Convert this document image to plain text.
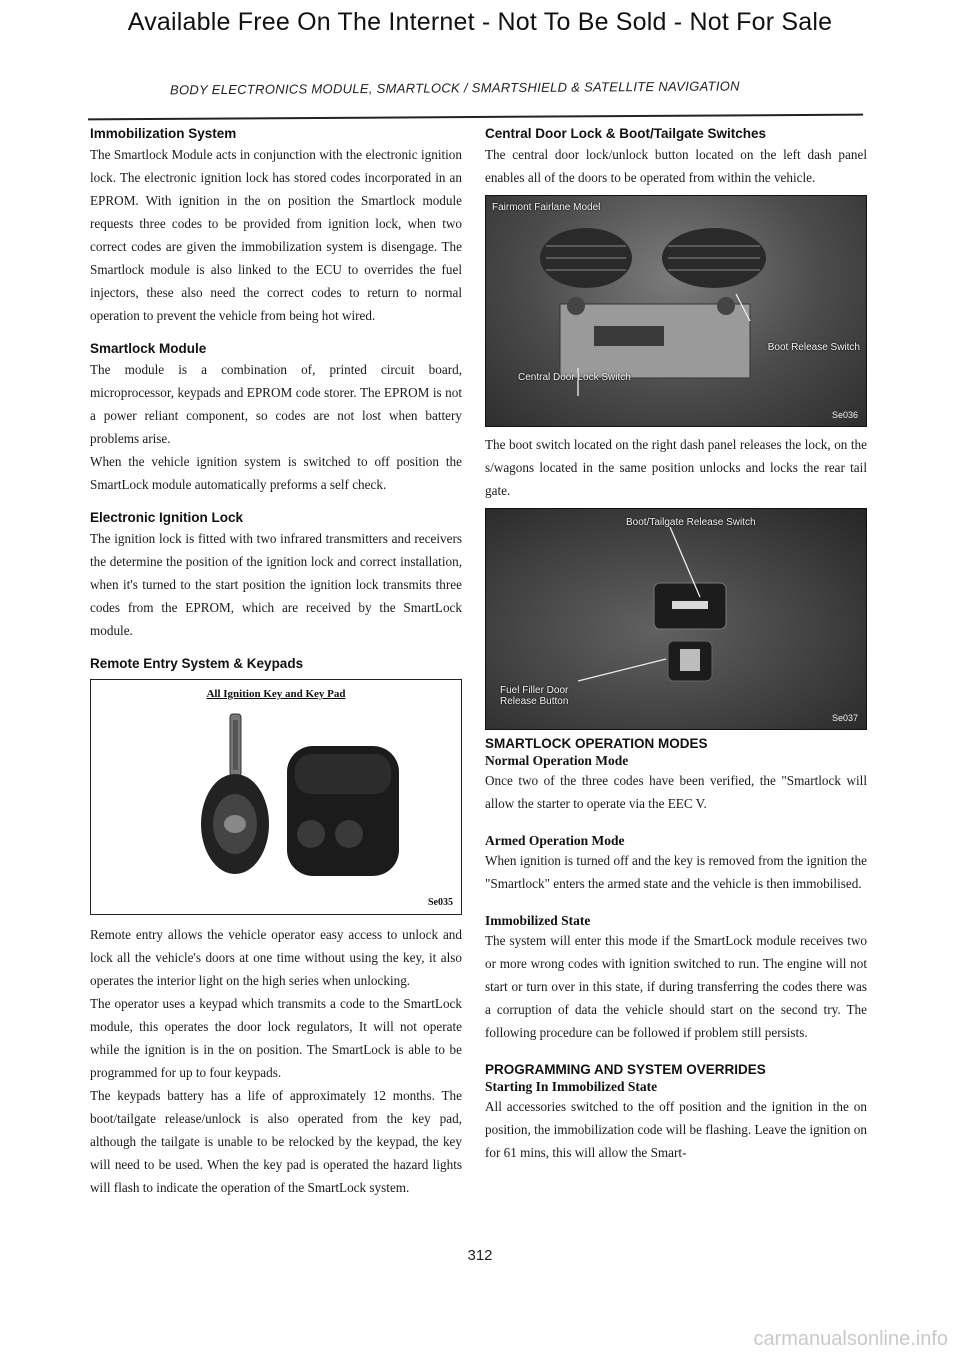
Available Free On The Internet - Not To Be Sold - Not For Sale
BODY ELECTRONICS MODULE, SMARTLOCK / SMARTSHIELD & SATELLITE NAVIGATION
Immobilization System

The Smartlock Module acts in conjunction with the electronic ignition lock. The electronic ignition lock has stored codes incorporated in an EPROM. With ignition in the on position the Smartlock module requests three codes to be provided from ignition lock, when two correct codes are given the immobilization system is disengage. The Smartlock module is also linked to the ECU to overrides the fuel injectors, these also need the correct codes to return to normal operation to prevent the vehicle from being hot wired.

Smartlock Module

The module is a combination of, printed circuit board, microprocessor, keypads and EPROM code storer. The EPROM is not a power reliant component, so codes are not lost when battery problems arise.

When the vehicle ignition system is switched to off position the SmartLock module automatically preforms a self check.

Electronic Ignition Lock

The ignition lock is fitted with two infrared transmitters and receivers the determine the position of the ignition lock and correct installation, when it's turned to the start position the ignition lock transmits three codes from the EPROM, which are received by the SmartLock module.

Remote Entry System & Keypads
All Ignition Key and Key Pad
Se035

Remote entry allows the vehicle operator easy access to unlock and lock all the vehicle's doors at one time without using the key, it also operates the interior light on the high series when unlocking.

The operator uses a keypad which transmits a code to the SmartLock module, this operates the door lock regulators, It will not operate while the ignition is in the on position. The SmartLock is able to be programmed for up to four keypads.

The keypads battery has a life of approximately 12 months. The boot/tailgate release/unlock is also operated from the key pad, although the tailgate is unable to be relocked by the keypad, the key will need to be used. When the key pad is operated the hazard lights will flash to indicate the operation of the SmartLock system.

Central Door Lock & Boot/Tailgate Switches

The central door lock/unlock button located on the left dash panel enables all of the doors to be operated from within the vehicle.

Fairmont Fairlane Model
Boot Release Switch
Central Door Lock Switch
Se036

The boot switch located on the right dash panel releases the lock, on the s/wagons located in the same position unlocks and locks the rear tail gate.

Boot/Tailgate Release Switch
Fuel Filler Door Release Button
Se037
SMARTLOCK OPERATION MODES
Normal Operation Mode

Once two of the three codes have been verified, the "Smartlock will allow the starter to operate via the EEC V.

Armed Operation Mode

When ignition is turned off and the key is removed from the ignition the "Smartlock" enters the armed state and the vehicle is then immobilised.

Immobilized State

The system will enter this mode if the SmartLock module receives two or more wrong codes with ignition switched to run. The engine will not start or turn over in this state, if during transferring the codes there was a corruption of data the vehicle should start on the second try. The following procedure can be followed if problem still persists.

PROGRAMMING AND SYSTEM OVERRIDES
Starting In Immobilized State

All accessories switched to the off position and the ignition in the on position, the immobilization code will be flashing. Leave the ignition on for 61 mins, this will allow the Smart-

312
carmanualsonline.info
